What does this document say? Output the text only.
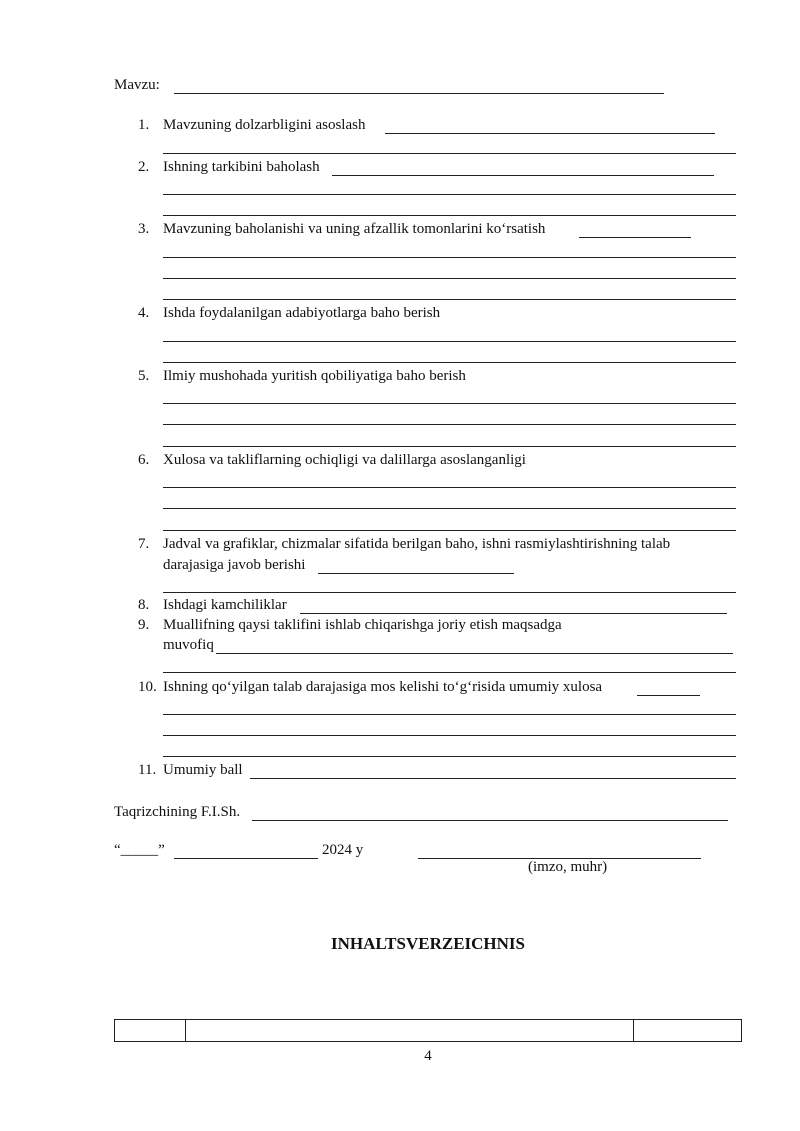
Mavzu:
1. Mavzuning dolzarbligini asoslash
2. Ishning tarkibini baholash
3. Mavzuning baholanishi va uning afzallik tomonlarini koʻrsatish
4. Ishda foydalanilgan adabiyotlarga baho berish
5. Ilmiy mushohada yuritish qobiliyatiga baho berish
6. Xulosa va takliflarning ochiqligi va dalillarga asoslanganligi
7. Jadval va grafiklar, chizmalar sifatida berilgan baho, ishni rasmiylashtirishning talab
darajasiga javob berishi
8. Ishdagi kamchiliklar
9. Muallifning qaysi taklifini ishlab chiqarishga joriy etish maqsadga
muvofiq
10. Ishning qoʻyilgan talab darajasiga mos kelishi toʻgʻrisida umumiy xulosa
11. Umumiy ball
Taqrizchining F.I.Sh.
“_____”	2024 y
(imzo, muhr)
INHALTSVERZEICHNIS

4
